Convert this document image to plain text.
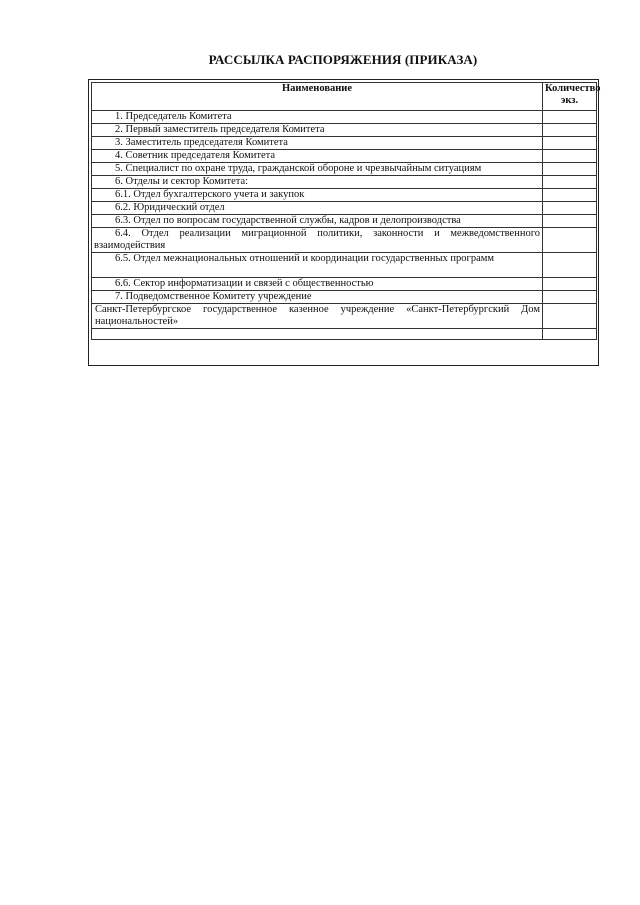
РАССЫЛКА РАСПОРЯЖЕНИЯ (ПРИКАЗА)
Наименование	Количество экз.
1. Председатель Комитета	
2. Первый заместитель председателя Комитета	
3. Заместитель председателя Комитета	
4. Советник председателя Комитета	
5. Специалист по охране труда, гражданской обороне и чрезвычайным ситуациям	
6. Отделы и сектор Комитета:	
6.1. Отдел бухгалтерского учета и закупок	
6.2. Юридический отдел	
6.3. Отдел по вопросам государственной службы, кадров и делопроизводства	
6.4. Отдел реализации миграционной политики, законности и межведомственного взаимодействия	
6.5. Отдел межнациональных отношений и координации государственных программ	
6.6. Сектор информатизации и связей с общественностью	
7. Подведомственное Комитету учреждение	
Санкт-Петербургское государственное казенное учреждение «Санкт-Петербургский Дом национальностей»	
